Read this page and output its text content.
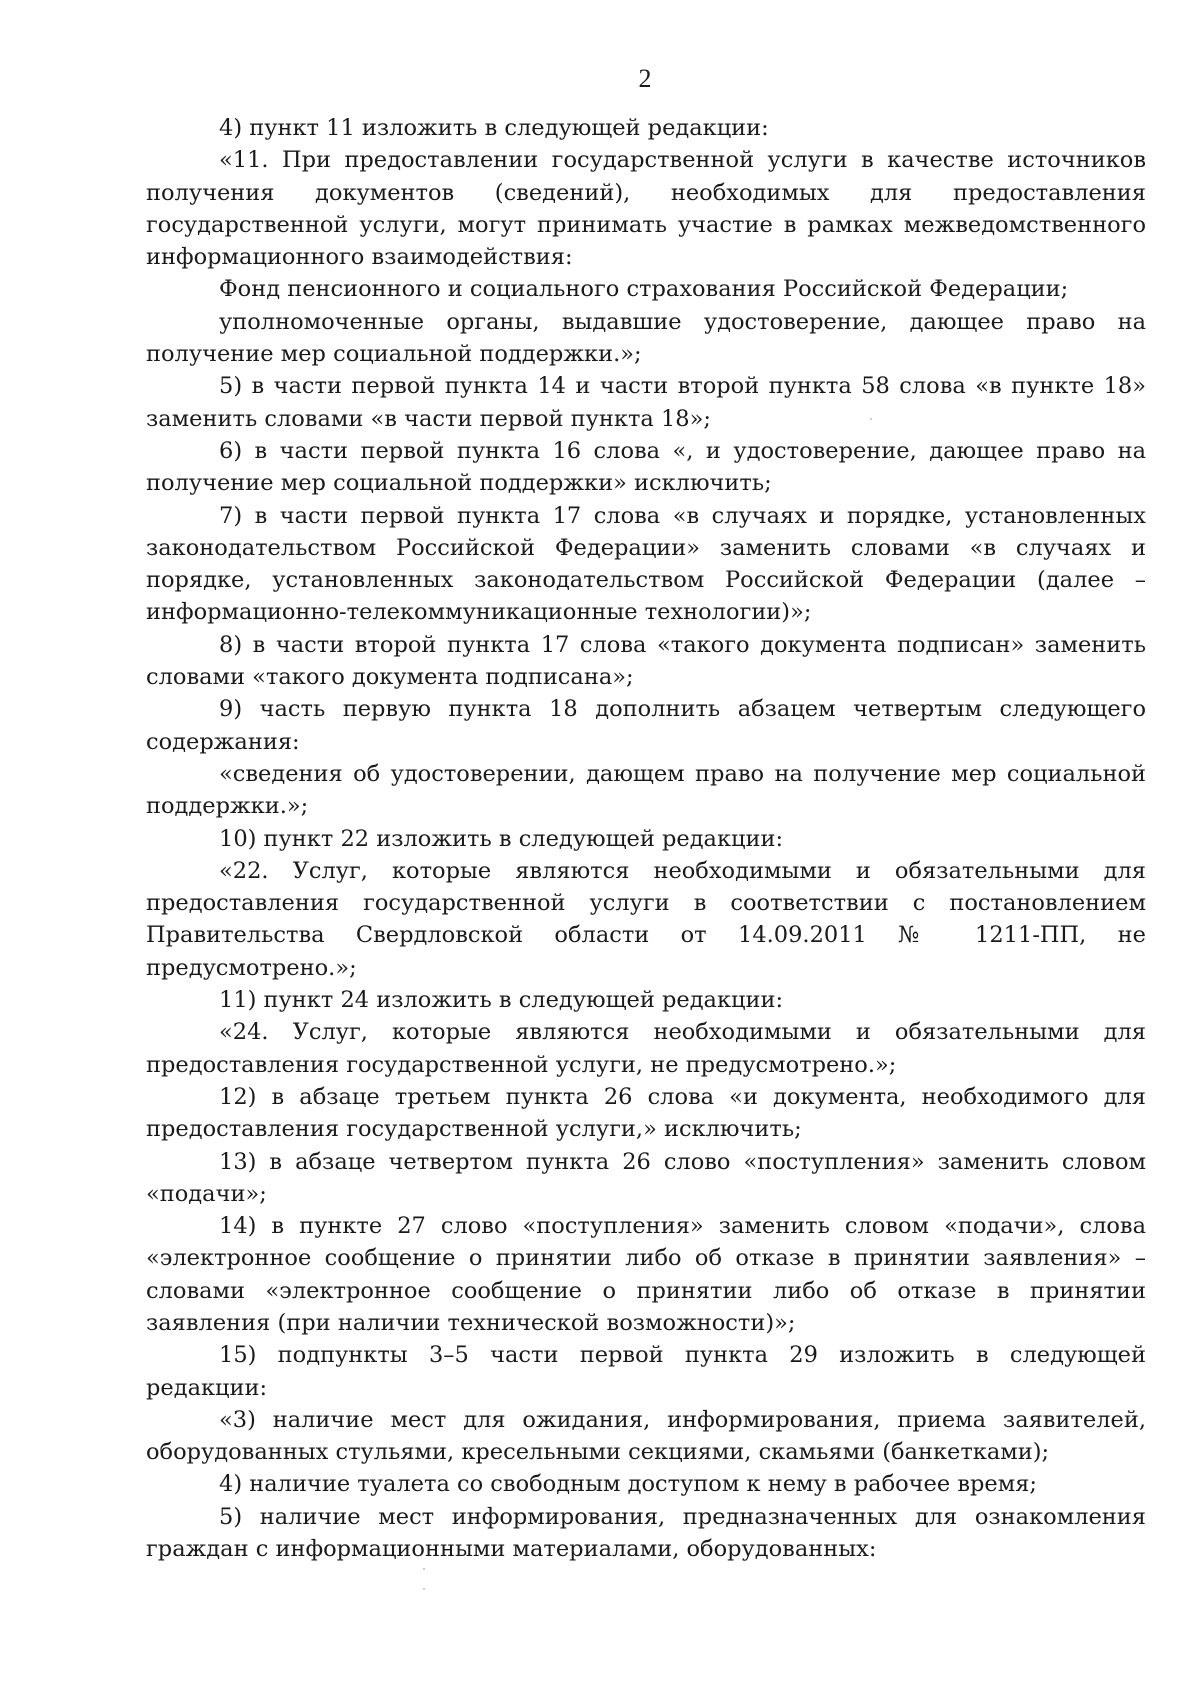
2

4) пункт 11 изложить в следующей редакции:

«11. При предоставлении государственной услуги в качестве источников получения документов (сведений), необходимых для предоставления государственной услуги, могут принимать участие в рамках межведомственного информационного взаимодействия:

Фонд пенсионного и социального страхования Российской Федерации;

уполномоченные органы, выдавшие удостоверение, дающее право на получение мер социальной поддержки.»;

5) в части первой пункта 14 и части второй пункта 58 слова «в пункте 18» заменить словами «в части первой пункта 18»;

6) в части первой пункта 16 слова «, и удостоверение, дающее право на получение мер социальной поддержки» исключить;

7) в части первой пункта 17 слова «в случаях и порядке, установленных законодательством Российской Федерации» заменить словами «в случаях и порядке, установленных законодательством Российской Федерации (далее – информационно-телекоммуникационные технологии)»;

8) в части второй пункта 17 слова «такого документа подписан» заменить словами «такого документа подписана»;

9) часть первую пункта 18 дополнить абзацем четвертым следующего содержания:

«сведения об удостоверении, дающем право на получение мер социальной поддержки.»;

10) пункт 22 изложить в следующей редакции:

«22. Услуг, которые являются необходимыми и обязательными для предоставления государственной услуги в соответствии с постановлением Правительства Свердловской области от 14.09.2011 № 1211-ПП, не предусмотрено.»;

11) пункт 24 изложить в следующей редакции:

«24. Услуг, которые являются необходимыми и обязательными для предоставления государственной услуги, не предусмотрено.»;

12) в абзаце третьем пункта 26 слова «и документа, необходимого для предоставления государственной услуги,» исключить;

13) в абзаце четвертом пункта 26 слово «поступления» заменить словом «подачи»;

14) в пункте 27 слово «поступления» заменить словом «подачи», слова «электронное сообщение о принятии либо об отказе в принятии заявления» – словами «электронное сообщение о принятии либо об отказе в принятии заявления (при наличии технической возможности)»;

15) подпункты 3–5 части первой пункта 29 изложить в следующей редакции:

«3) наличие мест для ожидания, информирования, приема заявителей, оборудованных стульями, кресельными секциями, скамьями (банкетками);

4) наличие туалета со свободным доступом к нему в рабочее время;

5) наличие мест информирования, предназначенных для ознакомления граждан с информационными материалами, оборудованных:
